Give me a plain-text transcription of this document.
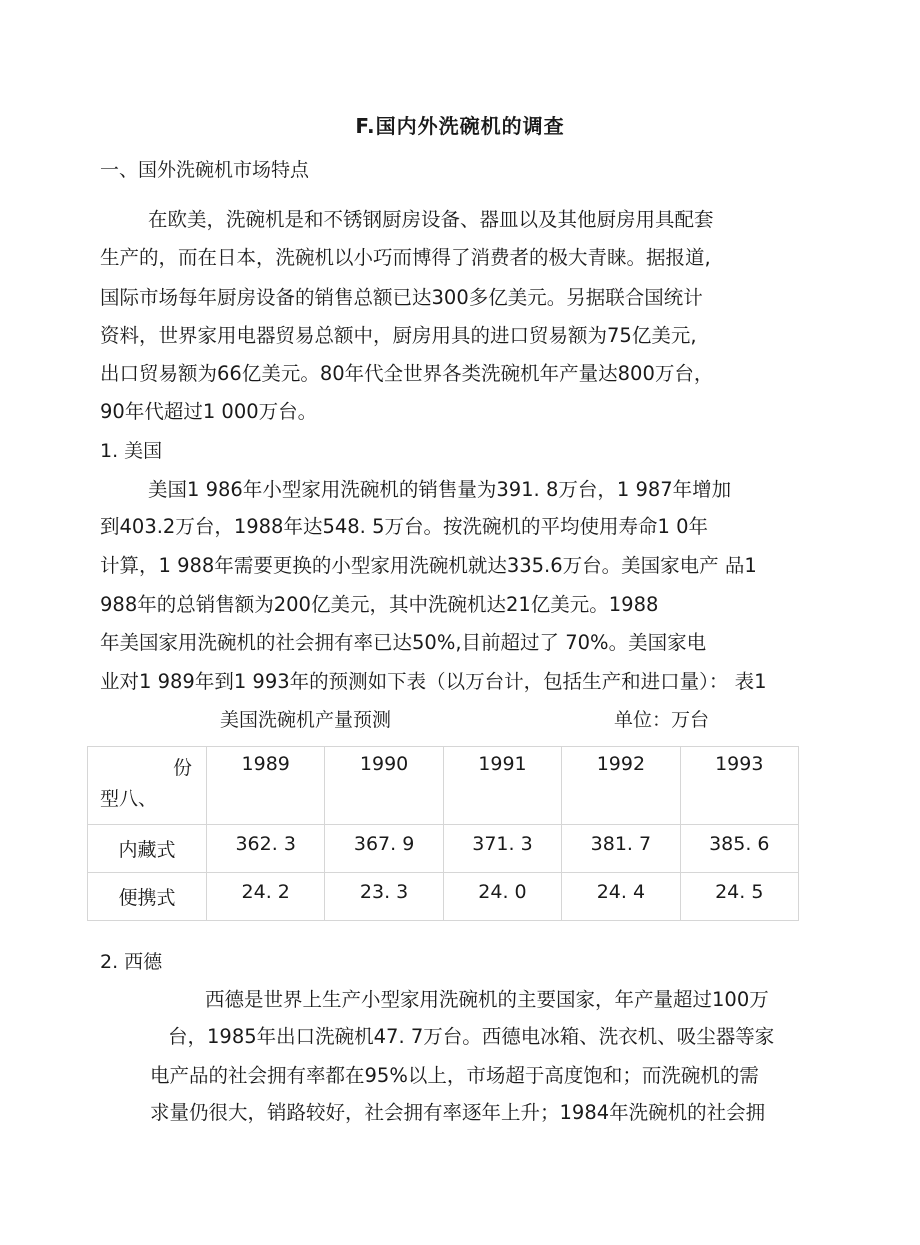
F.国内外洗碗机的调查
一、国外洗碗机市场特点
在欧美，洗碗机是和不锈钢厨房设备、器皿以及其他厨房用具配套
生产的，而在日本，洗碗机以小巧而博得了消费者的极大青睐。据报道,
国际市场每年厨房设备的销售总额已达300多亿美元。另据联合国统计
资料，世界家用电器贸易总额中，厨房用具的进口贸易额为75亿美元,
出口贸易额为66亿美元。80年代全世界各类洗碗机年产量达800万台，
90年代超过1 000万台。
1. 美国
美国1 986年小型家用洗碗机的销售量为391. 8万台，1 987年增加
到403.2万台，1988年达548. 5万台。按洗碗机的平均使用寿命1 0年
计算，1 988年需要更换的小型家用洗碗机就达335.6万台。美国家电产 品1
988年的总销售额为200亿美元，其中洗碗机达21亿美元。1988
年美国家用洗碗机的社会拥有率已达50%,目前超过了 70%。美国家电
业对1 989年到1 993年的预测如下表（以万台计，包括生产和进口量）： 表1
美国洗碗机产量预测	单位：万台
份
型八、	1989	1990	1991	1992	1993
内藏式	362. 3	367. 9	371. 3	381. 7	385. 6
便携式	24. 2	23. 3	24. 0	24. 4	24. 5
2. 西德
西德是世界上生产小型家用洗碗机的主要国家，年产量超过100万
台，1985年出口洗碗机47. 7万台。西德电冰箱、洗衣机、吸尘器等家
电产品的社会拥有率都在95%以上，市场超于高度饱和；而洗碗机的需
求量仍很大，销路较好，社会拥有率逐年上升；1984年洗碗机的社会拥
